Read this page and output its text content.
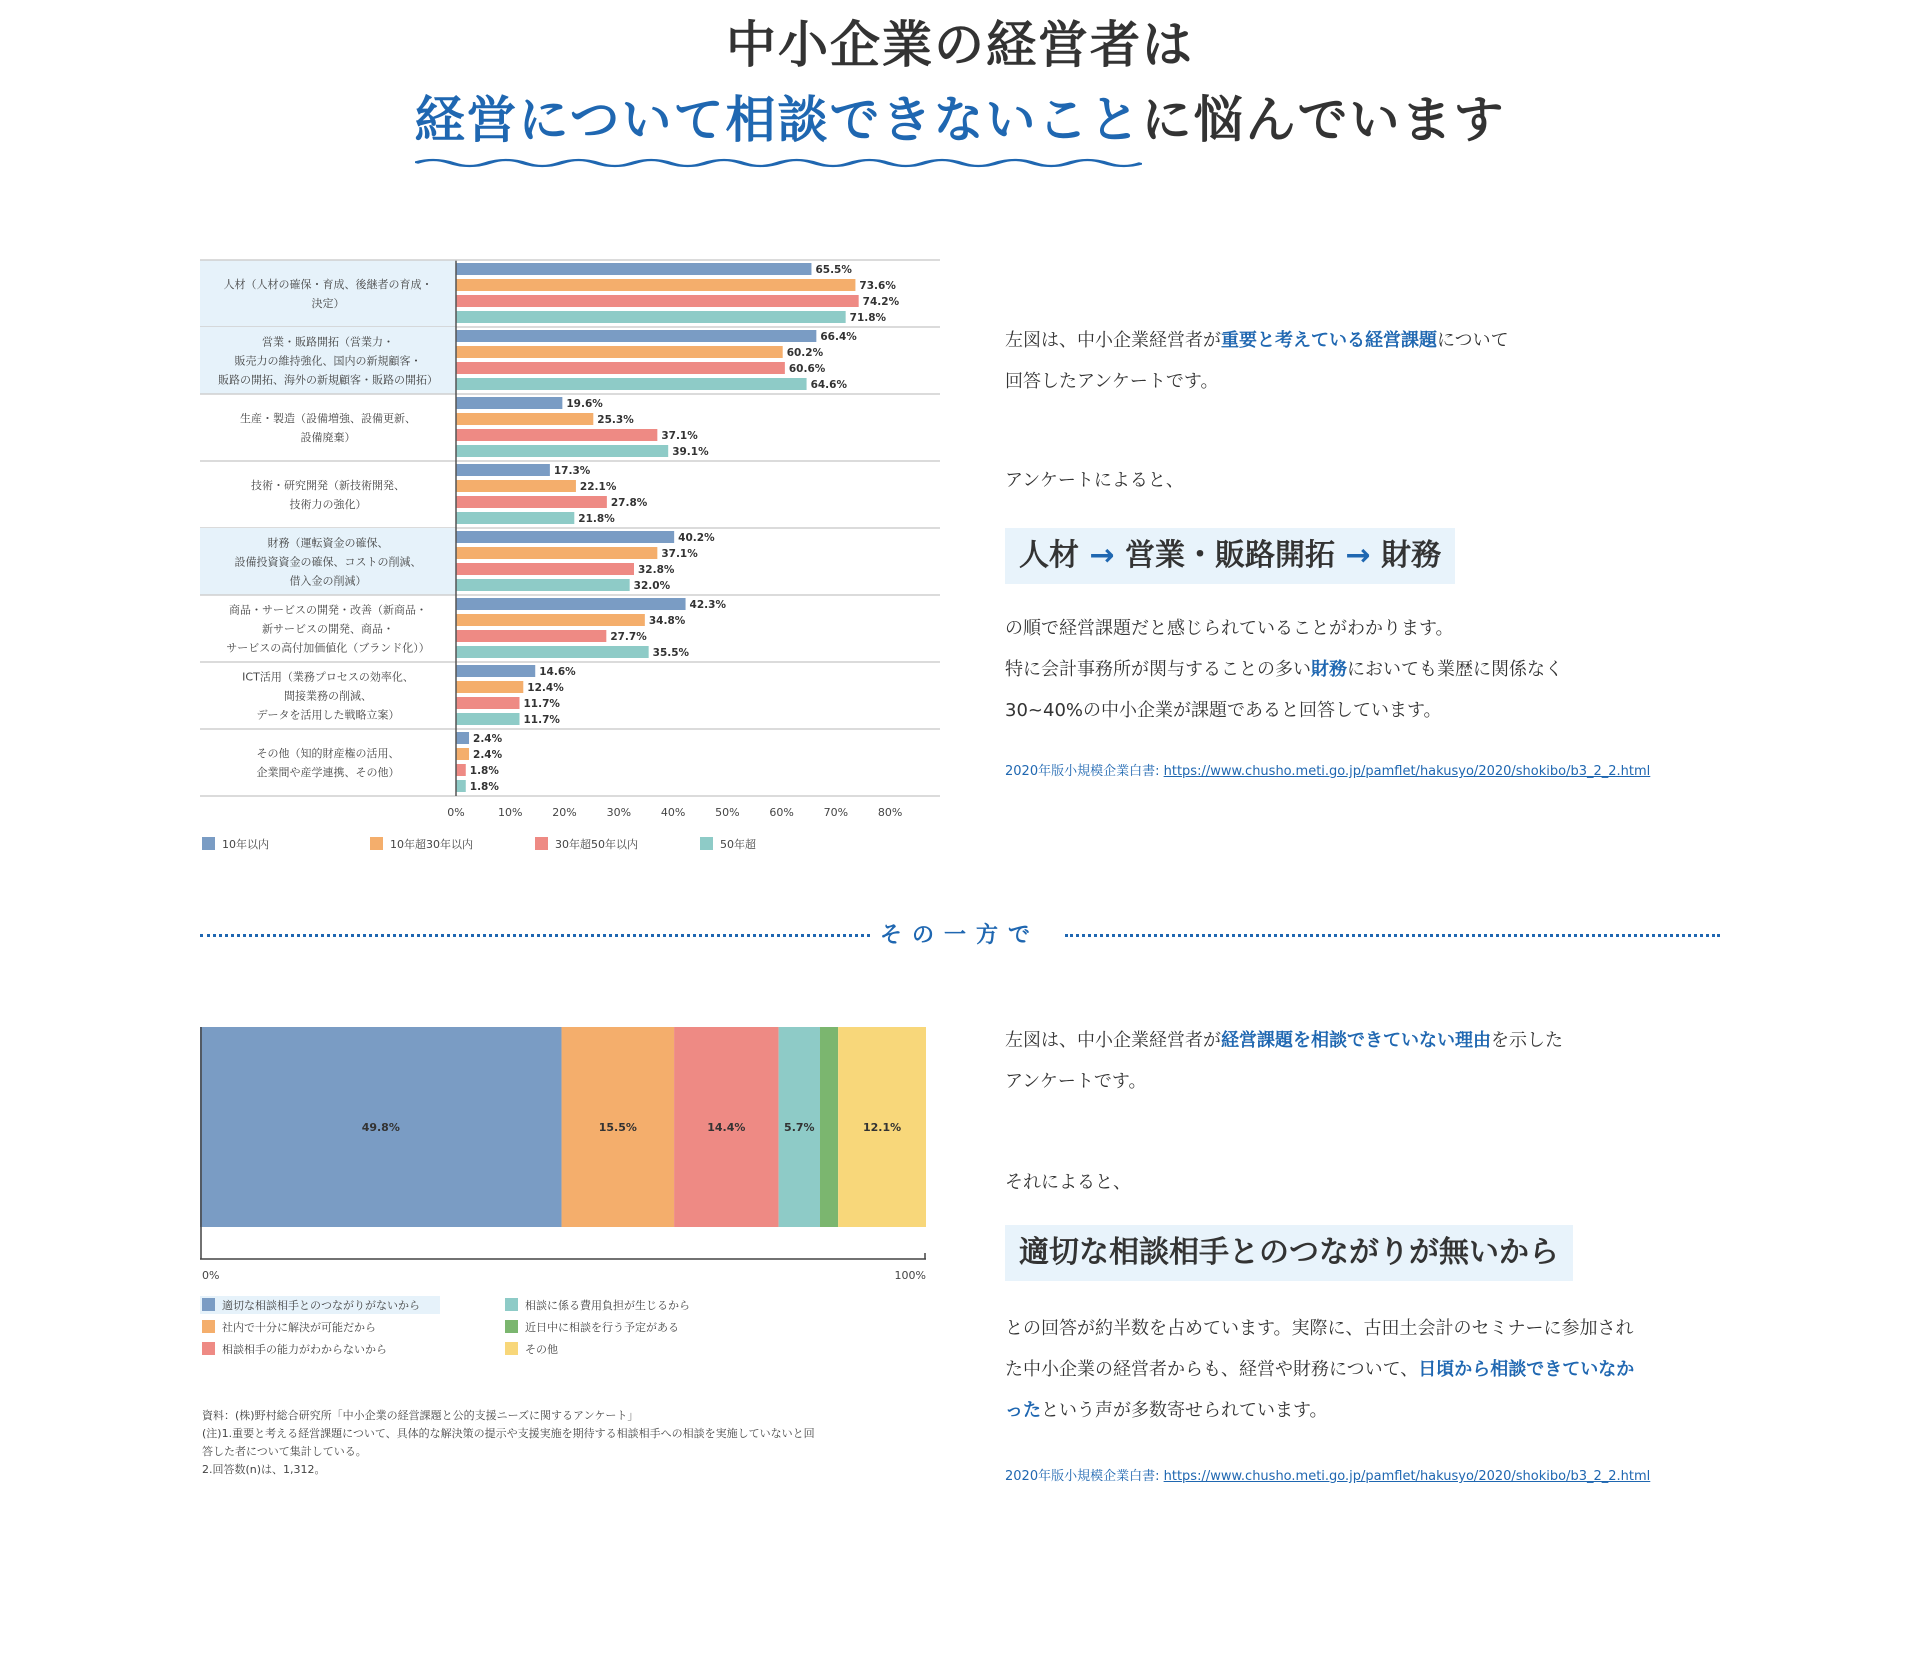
中小企業の経営者は
経営について相談できないこと
に悩んでいます
人材（人材の確保・育成、後継者の育成・
決定）
65.5%
73.6%
74.2%
71.8%
営業・販路開拓（営業力・
販売力の維持強化、国内の新規顧客・
販路の開拓、海外の新規顧客・販路の開拓）
66.4%
60.2%
60.6%
64.6%
生産・製造（設備増強、設備更新、
設備廃棄）
19.6%
25.3%
37.1%
39.1%
技術・研究開発（新技術開発、
技術力の強化）
17.3%
22.1%
27.8%
21.8%
財務（運転資金の確保、
設備投資資金の確保、コストの削減、
借入金の削減）
40.2%
37.1%
32.8%
32.0%
商品・サービスの開発・改善（新商品・
新サービスの開発、商品・
サービスの高付加価値化（ブランド化））
42.3%
34.8%
27.7%
35.5%
ICT活用（業務プロセスの効率化、
間接業務の削減、
データを活用した戦略立案）
14.6%
12.4%
11.7%
11.7%
その他（知的財産権の活用、
企業間や産学連携、その他）
2.4%
2.4%
1.8%
1.8%
0%	10%	20%	30%	40%	50%	60%	70%	80%
10年以内	10年超30年以内	30年超50年以内	50年超
左図は、中小企業経営者が重要と考えている経営課題について
回答したアンケートです。
アンケートによると、
人材 → 営業・販路開拓 → 財務
の順で経営課題だと感じられていることがわかります。
特に会計事務所が関与することの多い財務においても業歴に関係なく
30~40%の中小企業が課題であると回答しています。
2020年版小規模企業白書: https://www.chusho.meti.go.jp/pamflet/hakusyo/2020/shokibo/b3_2_2.html
その一方で
49.8%	15.5%	14.4%	5.7%	12.1%
0%	100%
適切な相談相手とのつながりがないから
社内で十分に解決が可能だから
相談相手の能力がわからないから
相談に係る費用負担が生じるから
近日中に相談を行う予定がある
その他
資料：(株)野村総合研究所「中小企業の経営課題と公的支援ニーズに関するアンケート」
(注)1.重要と考える経営課題について、具体的な解決策の提示や支援実施を期待する相談相手への相談を実施していないと回
答した者について集計している。
2.回答数(n)は、1,312。
左図は、中小企業経営者が経営課題を相談できていない理由を示した
アンケートです。
それによると、
適切な相談相手とのつながりが無いから
との回答が約半数を占めています。実際に、古田土会計のセミナーに参加され
た中小企業の経営者からも、経営や財務について、日頃から相談できていなか
ったという声が多数寄せられています。
2020年版小規模企業白書: https://www.chusho.meti.go.jp/pamflet/hakusyo/2020/shokibo/b3_2_2.html
